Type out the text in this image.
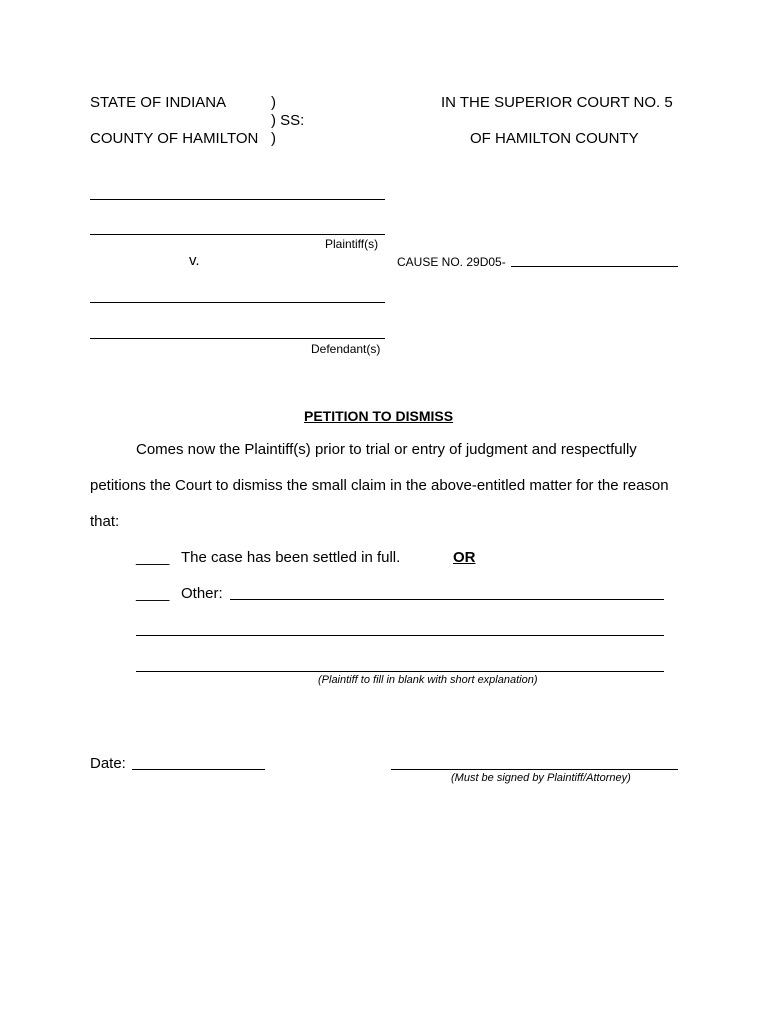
STATE OF INDIANA	)
) SS:
COUNTY OF HAMILTON )
IN THE SUPERIOR COURT NO. 5
OF HAMILTON COUNTY
Plaintiff(s)
v.	CAUSE NO. 29D05-
Defendant(s)
PETITION TO DISMISS
Comes now the Plaintiff(s) prior to trial or entry of judgment and respectfully
petitions the Court to dismiss the small claim in the above-entitled matter for the reason
that:
____ The case has been settled in full.	OR
____ Other:
(Plaintiff to fill in blank with short explanation)
Date:
(Must be signed by Plaintiff/Attorney)
